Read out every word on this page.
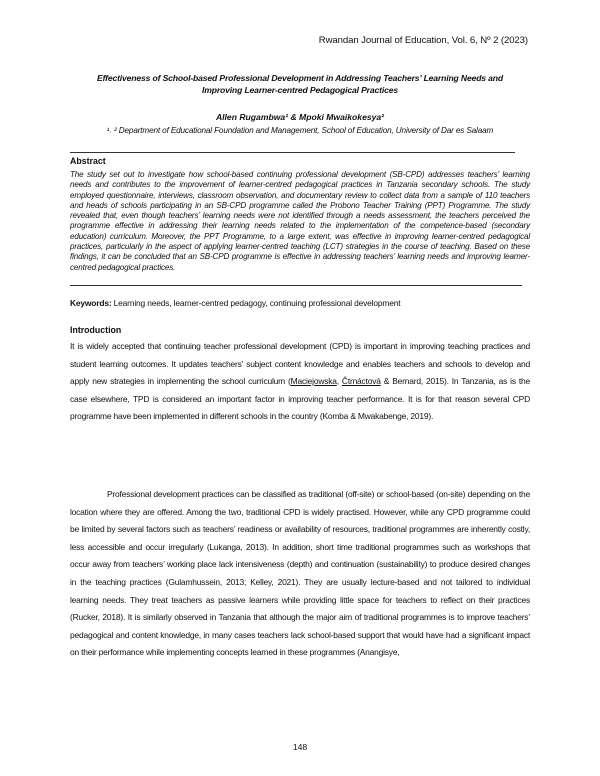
Rwandan Journal of Education, Vol. 6, Nº 2 (2023)
Effectiveness of School-based Professional Development in Addressing Teachers’ Learning Needs and
Improving Learner-centred Pedagogical Practices
Allen Rugambwa¹ & Mpoki Mwaikokesya²
¹˒ ² Department of Educational Foundation and Management, School of Education, University of Dar es Salaam
Abstract
The study set out to investigate how school-based continuing professional development (SB-CPD) addresses teachers’ learning needs and contributes to the improvement of learner-centred pedagogical practices in Tanzania secondary schools. The study employed questionnaire, interviews, classroom observation, and documentary review to collect data from a sample of 110 teachers and heads of schools participating in an SB-CPD programme called the Probono Teacher Training (PPT) Programme. The study revealed that, even though teachers’ learning needs were not identified through a needs assessment, the teachers perceived the programme effective in addressing their learning needs related to the implementation of the competence-based (secondary education) curriculum. Moreover, the PPT Programme, to a large extent, was effective in improving learner-centred pedagogical practices, particularly in the aspect of applying learner-centred teaching (LCT) strategies in the course of teaching. Based on these findings, it can be concluded that an SB-CPD programme is effective in addressing teachers’ learning needs and improving learner-centred pedagogical practices.
Keywords: Learning needs, learner-centred pedagogy, continuing professional development
Introduction
It is widely accepted that continuing teacher professional development (CPD) is important in improving teaching practices and student learning outcomes. It updates teachers’ subject content knowledge and enables teachers and schools to develop and apply new strategies in implementing the school curriculum (Maciejowska, Čtrnáctová & Bernard, 2015). In Tanzania, as is the case elsewhere, TPD is considered an important factor in improving teacher performance. It is for that reason several CPD programme have been implemented in different schools in the country (Komba & Mwakabenge, 2019).
Professional development practices can be classified as traditional (off-site) or school-based (on-site) depending on the location where they are offered. Among the two, traditional CPD is widely practised. However, while any CPD programme could be limited by several factors such as teachers’ readiness or availability of resources, traditional programmes are inherently costly, less accessible and occur irregularly (Lukanga, 2013). In addition, short time traditional programmes such as workshops that occur away from teachers’ working place lack intensiveness (depth) and continuation (sustainability) to produce desired changes in the teaching practices (Gulamhussein, 2013; Kelley, 2021). They are usually lecture-based and not tailored to individual learning needs. They treat teachers as passive learners while providing little space for teachers to reflect on their practices (Rucker, 2018). It is similarly observed in Tanzania that although the major aim of traditional programmes is to improve teachers’ pedagogical and content knowledge, in many cases teachers lack school-based support that would have had a significant impact on their performance while implementing concepts learned in these programmes (Anangisye,
148
